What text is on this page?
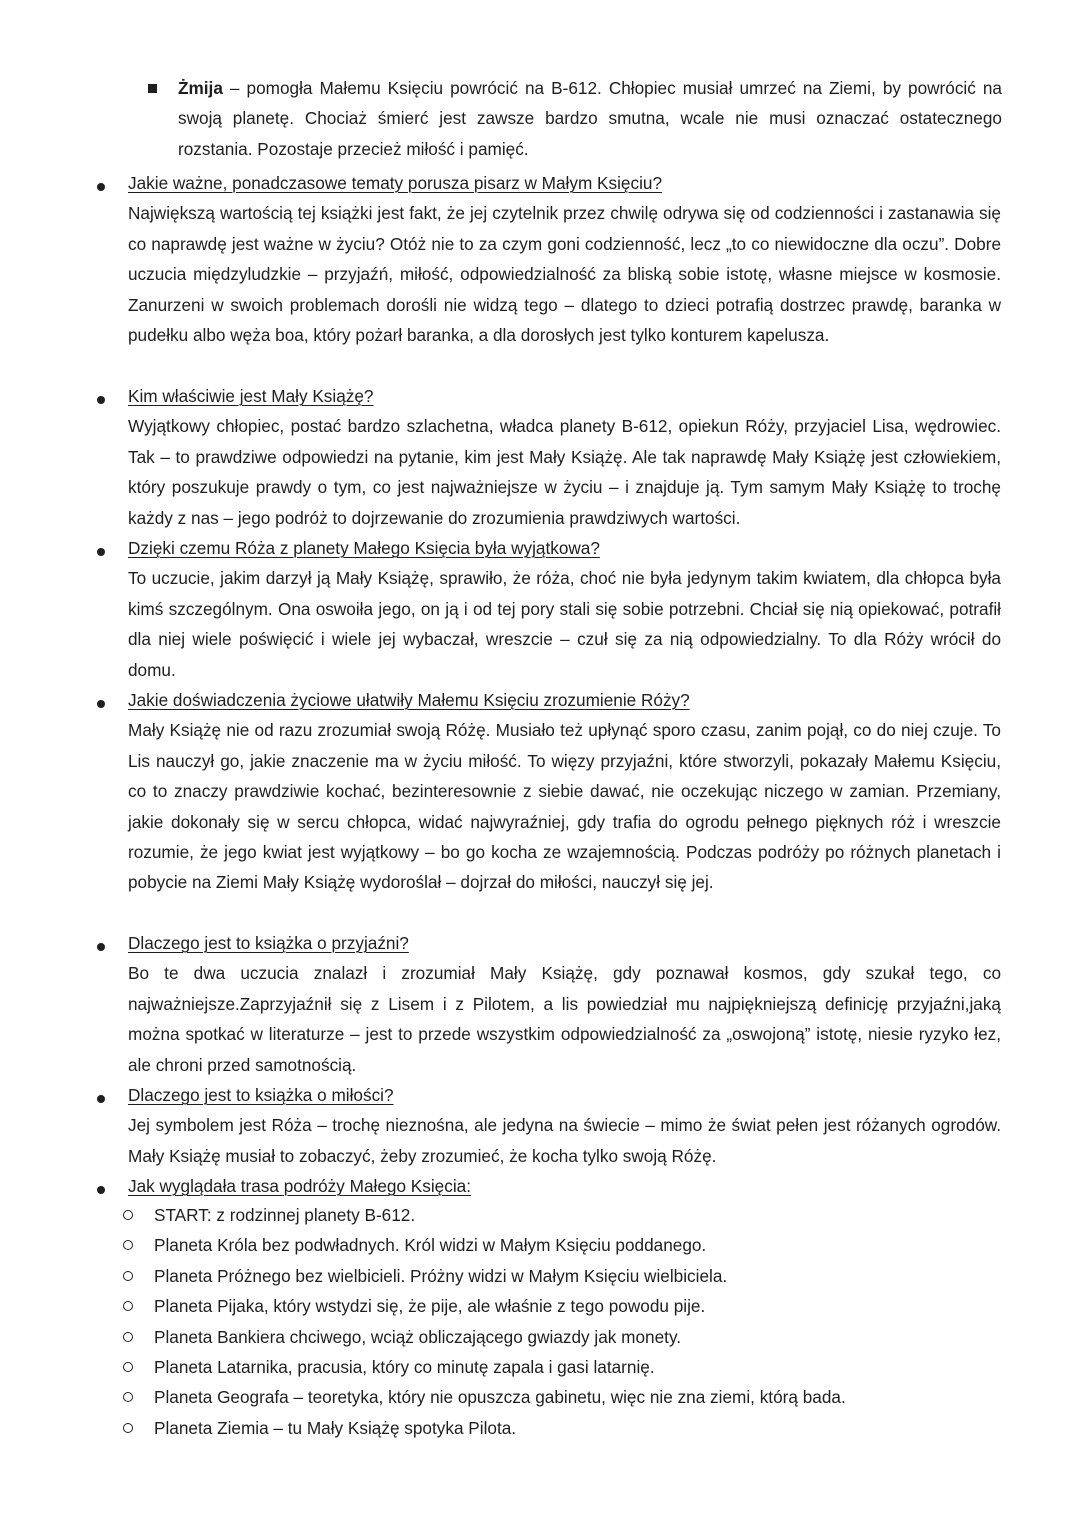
Żmija – pomogła Małemu Księciu powrócić na B-612. Chłopiec musiał umrzeć na Ziemi, by powrócić na swoją planetę. Chociaż śmierć jest zawsze bardzo smutna, wcale nie musi oznaczać ostatecznego rozstania. Pozostaje przecież miłość i pamięć.
Jakie ważne, ponadczasowe tematy porusza pisarz w Małym Księciu?
Największą wartością tej książki jest fakt, że jej czytelnik przez chwilę odrywa się od codzienności i zastanawia się co naprawdę jest ważne w życiu? Otóż nie to za czym goni codzienność, lecz „to co niewidoczne dla oczu”. Dobre uczucia międzyludzkie – przyjaźń, miłość, odpowiedzialność za bliską sobie istotę, własne miejsce w kosmosie. Zanurzeni w swoich problemach dorośli nie widzą tego – dlatego to dzieci potrafią dostrzec prawdę, baranka w pudełku albo węża boa, który pożarł baranka, a dla dorosłych jest tylko konturem kapelusza.
Kim właściwie jest Mały Książę?
Wyjątkowy chłopiec, postać bardzo szlachetna, władca planety B-612, opiekun Róży, przyjaciel Lisa, wędrowiec. Tak – to prawdziwe odpowiedzi na pytanie, kim jest Mały Książę. Ale tak naprawdę Mały Książę jest człowiekiem, który poszukuje prawdy o tym, co jest najważniejsze w życiu – i znajduje ją. Tym samym Mały Książę to trochę każdy z nas – jego podróż to dojrzewanie do zrozumienia prawdziwych wartości.
Dzięki czemu Róża z planety Małego Księcia była wyjątkowa?
To uczucie, jakim darzył ją Mały Książę, sprawiło, że róża, choć nie była jedynym takim kwiatem, dla chłopca była kimś szczególnym. Ona oswoiła jego, on ją i od tej pory stali się sobie potrzebni. Chciał się nią opiekować, potrafił dla niej wiele poświęcić i wiele jej wybaczał, wreszcie – czuł się za nią odpowiedzialny. To dla Róży wrócił do domu.
Jakie doświadczenia życiowe ułatwiły Małemu Księciu zrozumienie Róży?
Mały Książę nie od razu zrozumiał swoją Różę. Musiało też upłynąć sporo czasu, zanim pojął, co do niej czuje. To Lis nauczył go, jakie znaczenie ma w życiu miłość. To więzy przyjaźni, które stworzyli, pokazały Małemu Księciu, co to znaczy prawdziwie kochać, bezinteresownie z siebie dawać, nie oczekując niczego w zamian. Przemiany, jakie dokonały się w sercu chłopca, widać najwyraźniej, gdy trafia do ogrodu pełnego pięknych róż i wreszcie rozumie, że jego kwiat jest wyjątkowy – bo go kocha ze wzajemnością. Podczas podróży po różnych planetach i pobycie na Ziemi Mały Książę wydoroślał – dojrzał do miłości, nauczył się jej.
Dlaczego jest to książka o przyjaźni?
Bo te dwa uczucia znalazł i zrozumiał Mały Książę, gdy poznawał kosmos, gdy szukał tego, co najważniejsze.Zaprzyjaźnił się z Lisem i z Pilotem, a lis powiedział mu najpiękniejszą definicję przyjaźni,jaką można spotkać w literaturze – jest to przede wszystkim odpowiedzialność za „oswojoną” istotę, niesie ryzyko łez, ale chroni przed samotnością.
Dlaczego jest to książka o miłości?
Jej symbolem jest Róża – trochę nieznośna, ale jedyna na świecie – mimo że świat pełen jest różanych ogrodów. Mały Książę musiał to zobaczyć, żeby zrozumieć, że kocha tylko swoją Różę.
Jak wyglądała trasa podróży Małego Księcia:
START: z rodzinnej planety B-612.
Planeta Króla bez podwładnych. Król widzi w Małym Księciu poddanego.
Planeta Próżnego bez wielbicieli. Próżny widzi w Małym Księciu wielbiciela.
Planeta Pijaka, który wstydzi się, że pije, ale właśnie z tego powodu pije.
Planeta Bankiera chciwego, wciąż obliczającego gwiazdy jak monety.
Planeta Latarnika, pracusia, który co minutę zapala i gasi latarnię.
Planeta Geografa – teoretyka, który nie opuszcza gabinetu, więc nie zna ziemi, którą bada.
Planeta Ziemia – tu Mały Książę spotyka Pilota.
